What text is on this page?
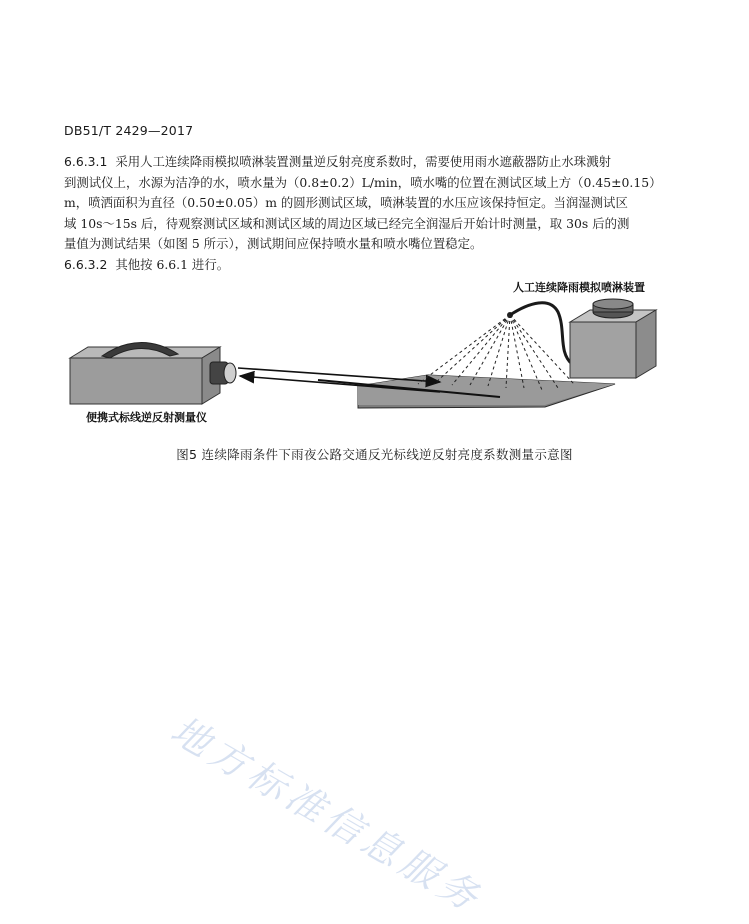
DB51/T 2429—2017
6.6.3.1 采用人工连续降雨模拟喷淋装置测量逆反射亮度系数时，需要使用雨水遮蔽器防止水珠溅射
到测试仪上，水源为洁净的水，喷水量为（0.8±0.2）L/min，喷水嘴的位置在测试区域上方（0.45±0.15）
m，喷洒面积为直径（0.50±0.05）m 的圆形测试区域，喷淋装置的水压应该保持恒定。当润湿测试区
域 10s～15s 后，待观察测试区域和测试区域的周边区域已经完全润湿后开始计时测量，取 30s 后的测
量值为测试结果（如图 5 所示），测试期间应保持喷水量和喷水嘴位置稳定。
6.6.3.2 其他按 6.6.1 进行。
人工连续降雨模拟喷淋装置
便携式标线逆反射测量仪
图5 连续降雨条件下雨夜公路交通反光标线逆反射亮度系数测量示意图
地方标准信息服务
